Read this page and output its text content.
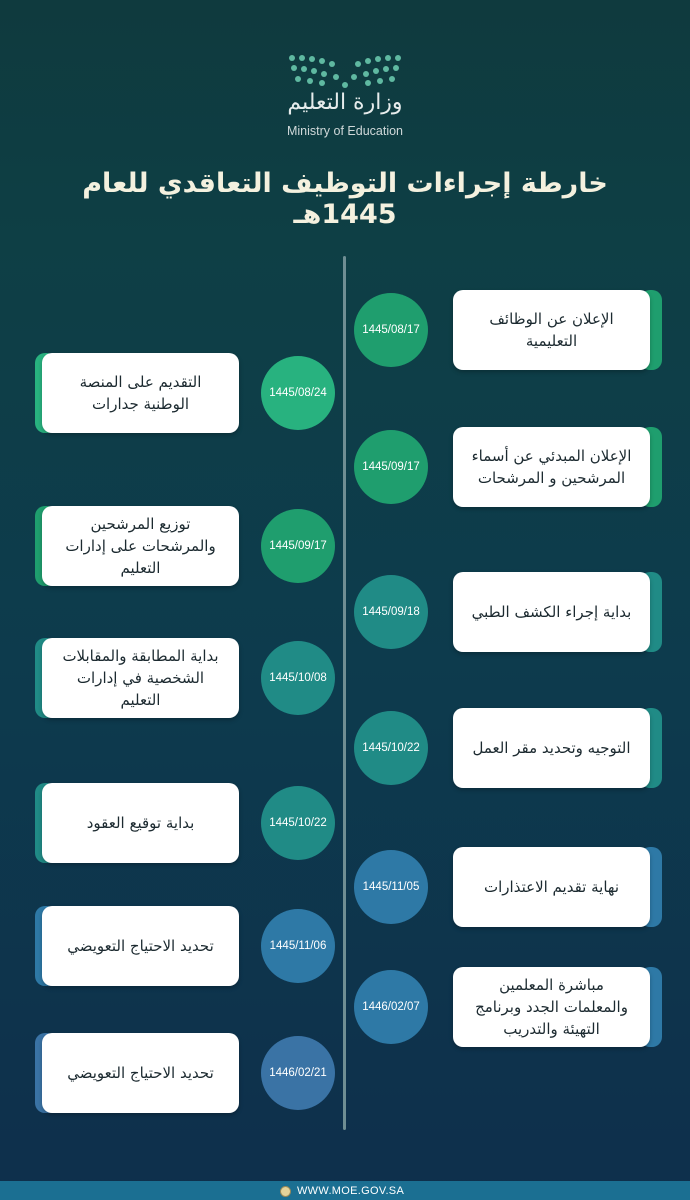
وزارة التعليم
Ministry of Education
خارطة إجراءات التوظيف التعاقدي للعام 1445هـ
الإعلان عن الوظائف
التعليمية
1445/08/17
الإعلان المبدئي عن أسماء
المرشحين و المرشحات
1445/09/17
بداية إجراء الكشف الطبي
1445/09/18
التوجيه وتحديد مقر العمل
1445/10/22
نهاية تقديم الاعتذارات
1445/11/05
مباشرة المعلمين
والمعلمات الجدد وبرنامج
التهيئة والتدريب
1446/02/07
التقديم على المنصة
الوطنية جدارات
1445/08/24
توزيع المرشحين
والمرشحات على إدارات
التعليم
1445/09/17
بداية المطابقة والمقابلات
الشخصية في إدارات
التعليم
1445/10/08
بداية توقيع العقود	1445/10/22
تحديد الاحتياج التعويضي	1445/11/06
تحديد الاحتياج التعويضي	1446/02/21
WWW.MOE.GOV.SA
